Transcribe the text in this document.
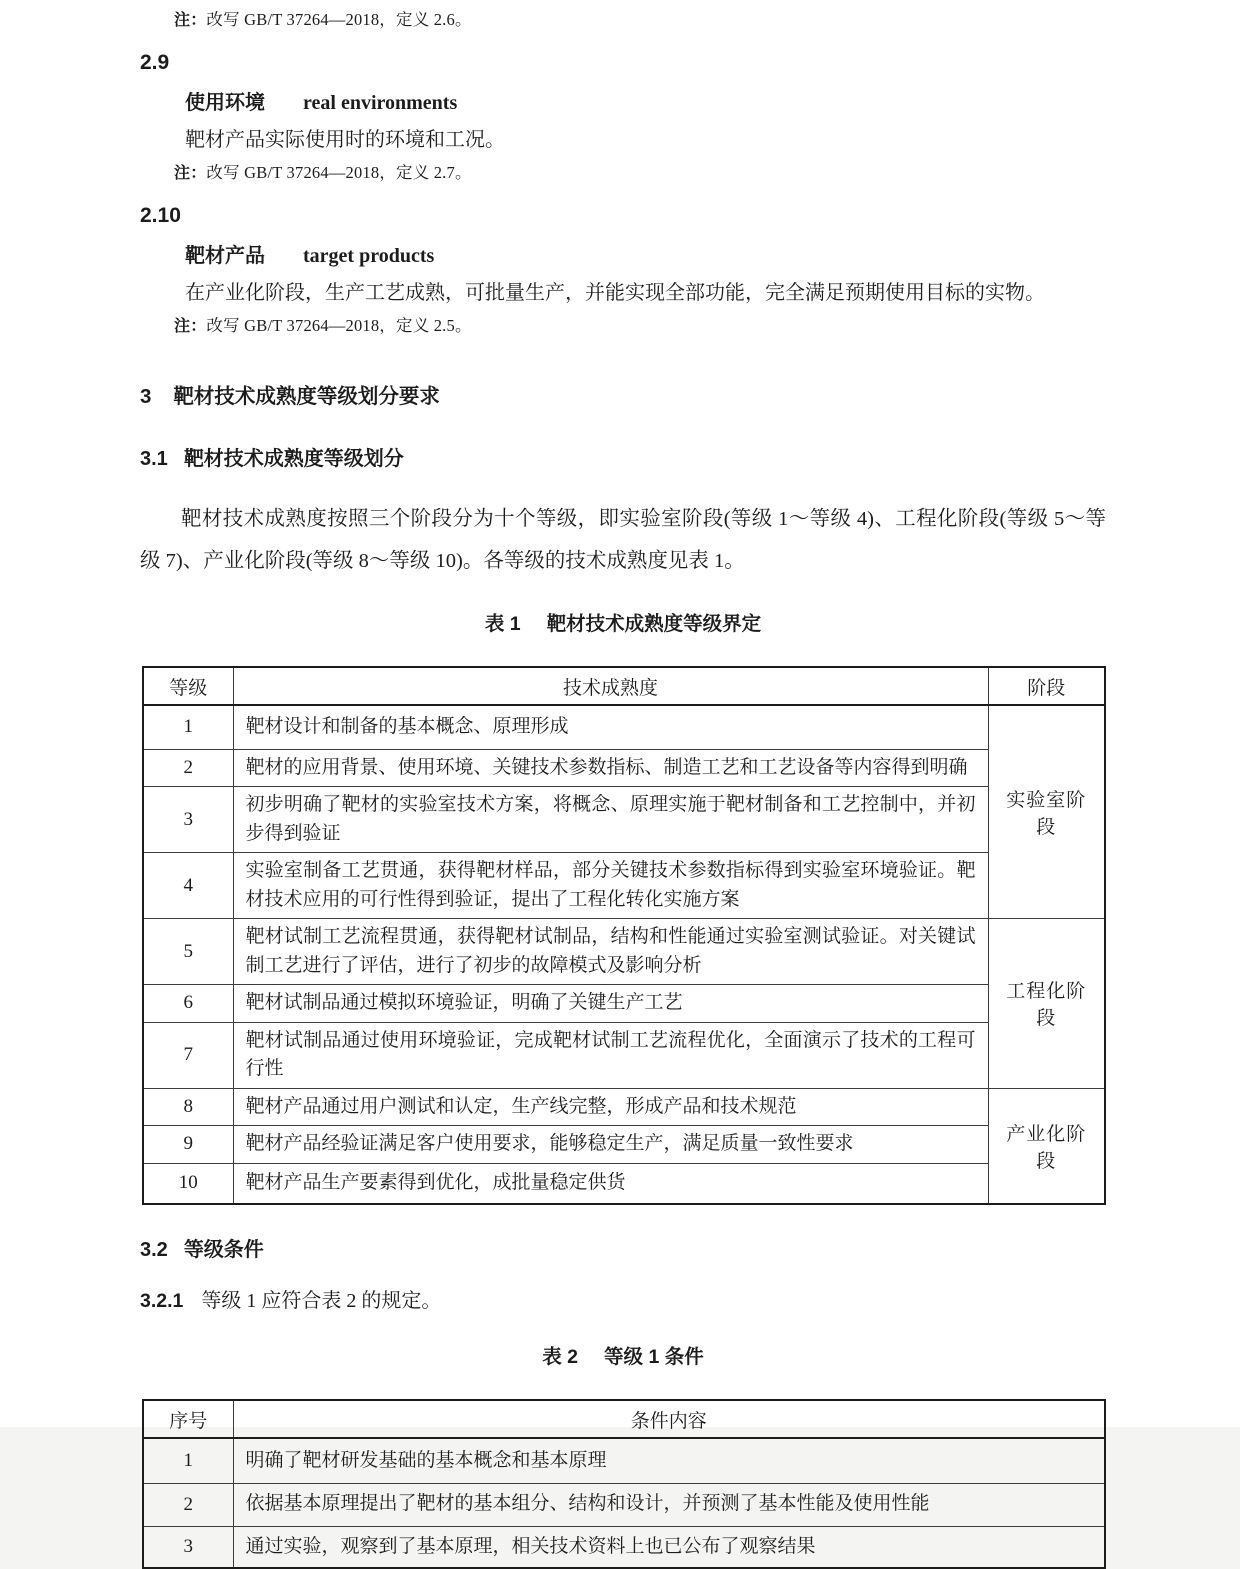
注：改写 GB/T 37264—2018，定义 2.6。

2.9

使用环境 real environments

靶材产品实际使用时的环境和工况。

注：改写 GB/T 37264—2018，定义 2.7。

2.10

靶材产品 target products

在产业化阶段，生产工艺成熟，可批量生产，并能实现全部功能，完全满足预期使用目标的实物。

注：改写 GB/T 37264—2018，定义 2.5。

3 靶材技术成熟度等级划分要求
3.1 靶材技术成熟度等级划分

靶材技术成熟度按照三个阶段分为十个等级，即实验室阶段(等级 1～等级 4)、工程化阶段(等级 5～等级 7)、产业化阶段(等级 8～等级 10)。各等级的技术成熟度见表 1。

表 1 靶材技术成熟度等级界定

等级	技术成熟度	阶段
1	靶材设计和制备的基本概念、原理形成	实验室阶段
2	靶材的应用背景、使用环境、关键技术参数指标、制造工艺和工艺设备等内容得到明确	
3	初步明确了靶材的实验室技术方案，将概念、原理实施于靶材制备和工艺控制中，并初步得到验证	
4	实验室制备工艺贯通，获得靶材样品，部分关键技术参数指标得到实验室环境验证。靶材技术应用的可行性得到验证，提出了工程化转化实施方案	
5	靶材试制工艺流程贯通，获得靶材试制品，结构和性能通过实验室测试验证。对关键试制工艺进行了评估，进行了初步的故障模式及影响分析	工程化阶段
6	靶材试制品通过模拟环境验证，明确了关键生产工艺	
7	靶材试制品通过使用环境验证，完成靶材试制工艺流程优化，全面演示了技术的工程可行性	
8	靶材产品通过用户测试和认定，生产线完整，形成产品和技术规范	产业化阶段
9	靶材产品经验证满足客户使用要求，能够稳定生产，满足质量一致性要求	
10	靶材产品生产要素得到优化，成批量稳定供货	
3.2 等级条件

3.2.1 等级 1 应符合表 2 的规定。

表 2 等级 1 条件

序号	条件内容
1	明确了靶材研发基础的基本概念和基本原理
2	依据基本原理提出了靶材的基本组分、结构和设计，并预测了基本性能及使用性能
3	通过实验，观察到了基本原理，相关技术资料上也已公布了观察结果
